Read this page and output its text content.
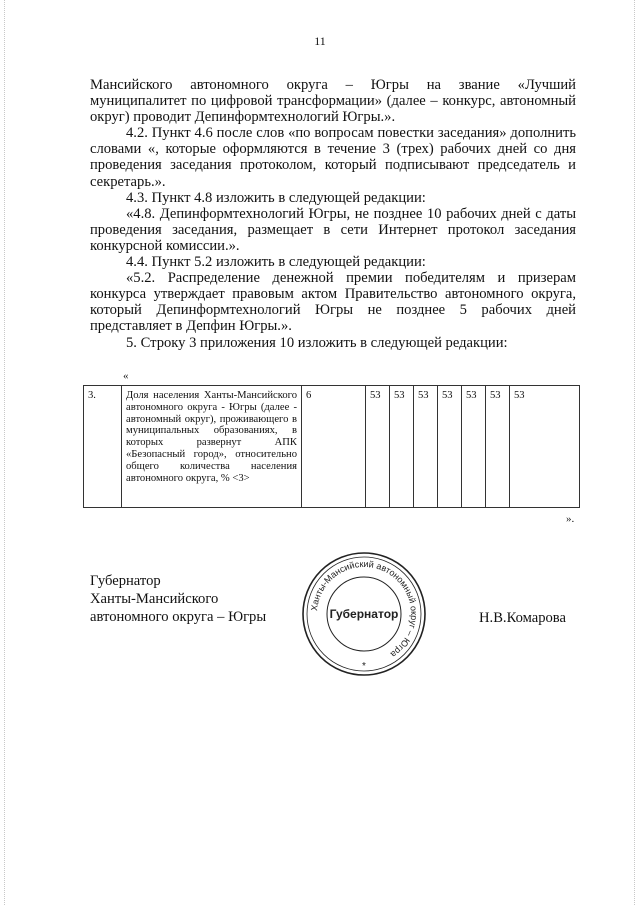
11

Мансийского автономного округа – Югры на звание «Лучший муниципалитет по цифровой трансформации» (далее – конкурс, автономный округ) проводит Депинформтехнологий Югры.».

4.2. Пункт 4.6 после слов «по вопросам повестки заседания» дополнить словами «, которые оформляются в течение 3 (трех) рабочих дней со дня проведения заседания протоколом, который подписывают председатель и секретарь.».

4.3. Пункт 4.8 изложить в следующей редакции:

«4.8. Депинформтехнологий Югры, не позднее 10 рабочих дней с даты проведения заседания, размещает в сети Интернет протокол заседания конкурсной комиссии.».

4.4. Пункт 5.2 изложить в следующей редакции:

«5.2. Распределение денежной премии победителям и призерам конкурса утверждает правовым актом Правительство автономного округа, который Депинформтехнологий Югры не позднее 5 рабочих дней представляет в Депфин Югры.».

5. Строку 3 приложения 10 изложить в следующей редакции:

«
3.	Доля населения Ханты-Мансийского автономного округа - Югры (далее - автономный округ), проживающего в муниципальных образованиях, в которых развернут АПК «Безопасный город», относительно общего количества населения автономного округа, % <3>	6	53	53	53	53	53	53	53
».
Губернатор
Ханты-Мансийского
автономного округа – Югры
Ханты-Мансийский автономный округ – Югра
Губернатор
*
Н.В.Комарова
